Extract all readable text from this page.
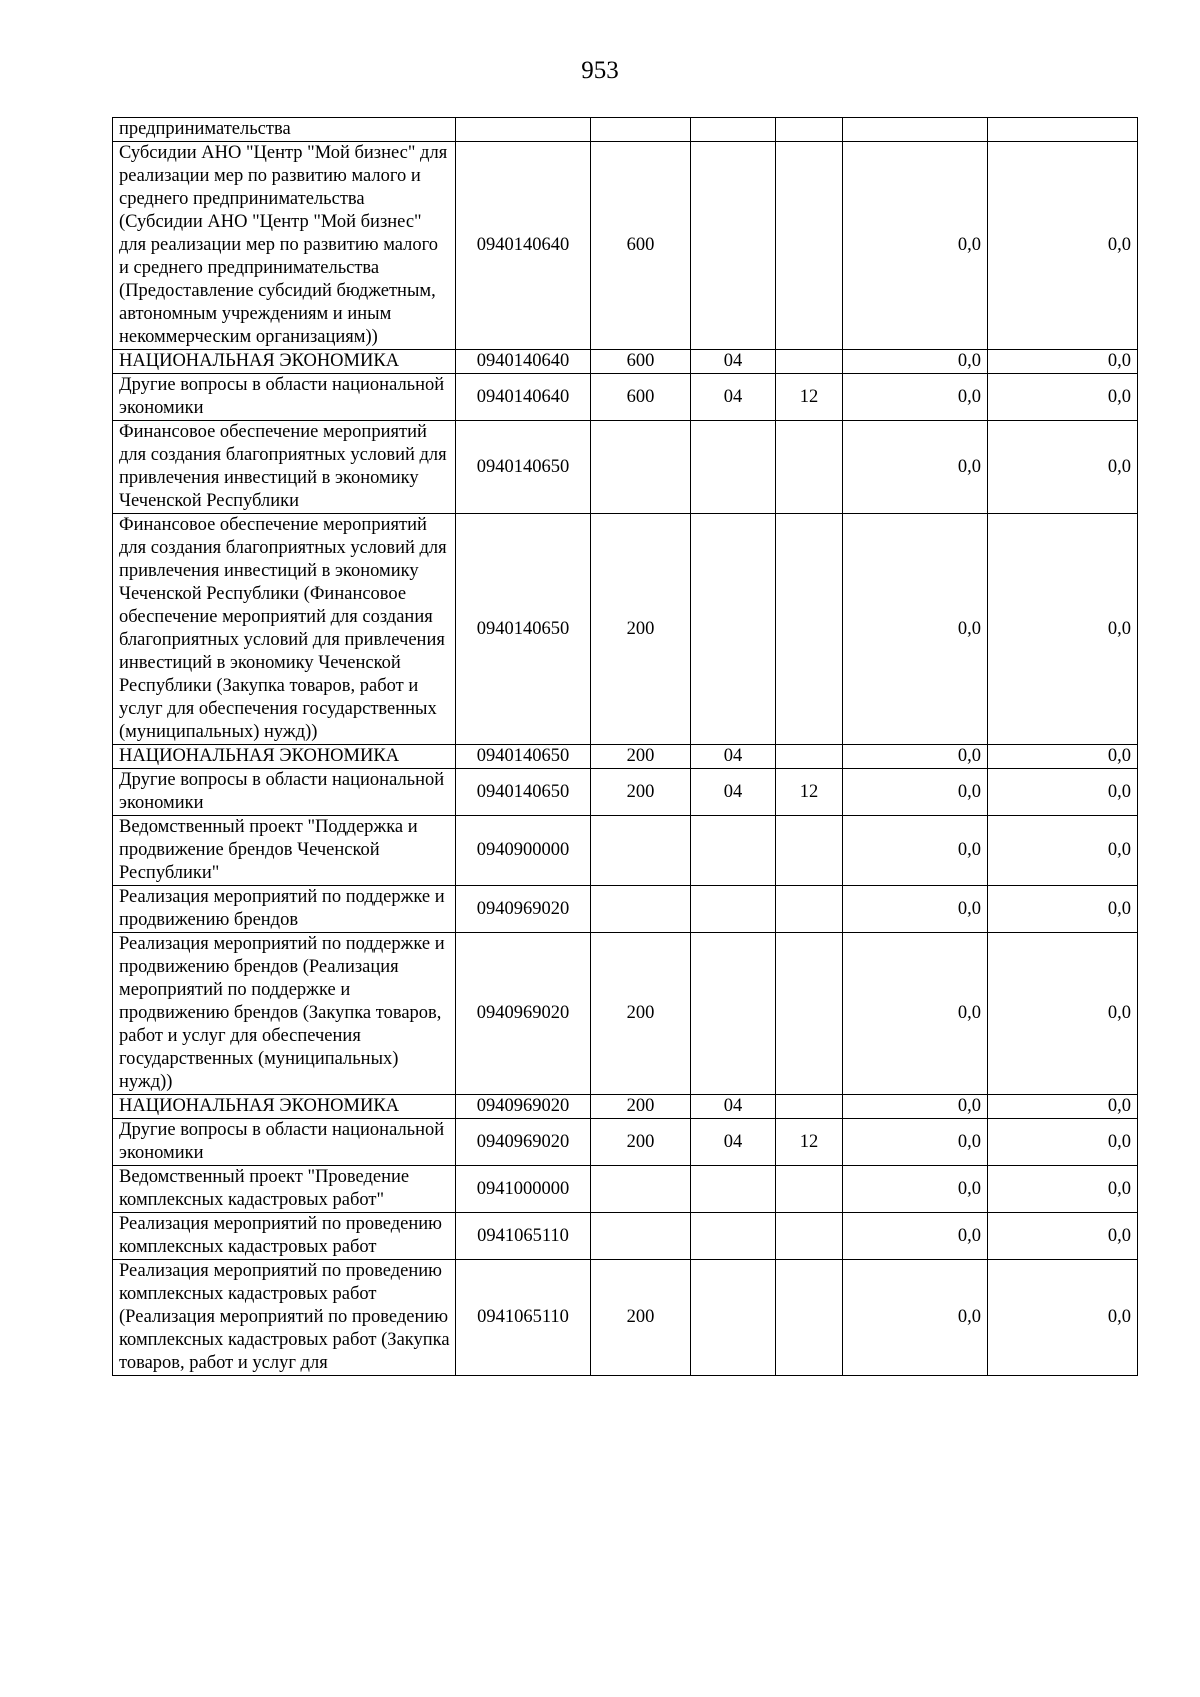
953
предпринимательства						
Субсидии АНО "Центр "Мой бизнес" для реализации мер по развитию малого и среднего предпринимательства (Субсидии АНО "Центр "Мой бизнес" для реализации мер по развитию малого и среднего предпринимательства (Предоставление субсидий бюджетным, автономным учреждениям и иным некоммерческим организациям))	0940140640	600			0,0	0,0
НАЦИОНАЛЬНАЯ ЭКОНОМИКА	0940140640	600	04		0,0	0,0
Другие вопросы в области национальной экономики	0940140640	600	04	12	0,0	0,0
Финансовое обеспечение мероприятий для создания благоприятных условий для привлечения инвестиций в экономику Чеченской Республики	0940140650				0,0	0,0
Финансовое обеспечение мероприятий для создания благоприятных условий для привлечения инвестиций в экономику Чеченской Республики (Финансовое обеспечение мероприятий для создания благоприятных условий для привлечения инвестиций в экономику Чеченской Республики (Закупка товаров, работ и услуг для обеспечения государственных (муниципальных) нужд))	0940140650	200			0,0	0,0
НАЦИОНАЛЬНАЯ ЭКОНОМИКА	0940140650	200	04		0,0	0,0
Другие вопросы в области национальной экономики	0940140650	200	04	12	0,0	0,0
Ведомственный проект "Поддержка и продвижение брендов Чеченской Республики"	0940900000				0,0	0,0
Реализация мероприятий по поддержке и продвижению брендов	0940969020				0,0	0,0
Реализация мероприятий по поддержке и продвижению брендов (Реализация мероприятий по поддержке и продвижению брендов (Закупка товаров, работ и услуг для обеспечения государственных (муниципальных) нужд))	0940969020	200			0,0	0,0
НАЦИОНАЛЬНАЯ ЭКОНОМИКА	0940969020	200	04		0,0	0,0
Другие вопросы в области национальной экономики	0940969020	200	04	12	0,0	0,0
Ведомственный проект "Проведение комплексных кадастровых работ"	0941000000				0,0	0,0
Реализация мероприятий по проведению комплексных кадастровых работ	0941065110				0,0	0,0
Реализация мероприятий по проведению комплексных кадастровых работ (Реализация мероприятий по проведению комплексных кадастровых работ (Закупка товаров, работ и услуг для	0941065110	200			0,0	0,0
